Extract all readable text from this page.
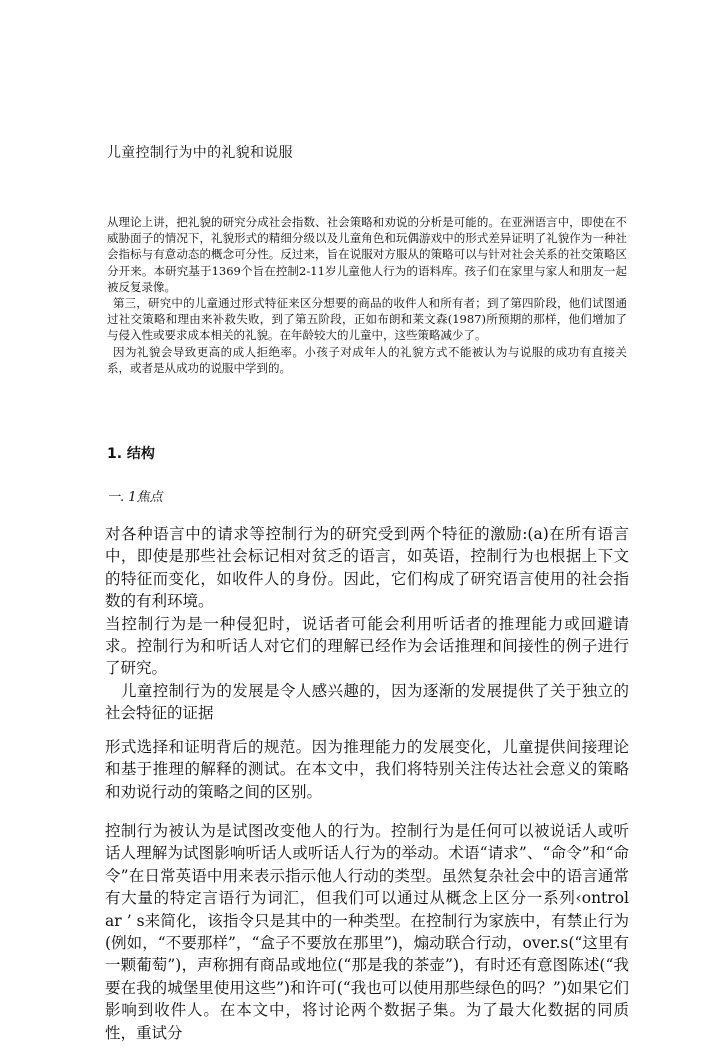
儿童控制行为中的礼貌和说服

从理论上讲，把礼貌的研究分成社会指数、社会策略和劝说的分析是可能的。在亚洲语言中，即使在不威胁面子的情况下，礼貌形式的精细分级以及儿童角色和玩偶游戏中的形式差异证明了礼貌作为一种社会指标与有意动态的概念可分性。反过来，旨在说服对方服从的策略可以与针对社会关系的社交策略区分开来。本研究基于1369个旨在控制2-11岁儿童他人行为的语料库。孩子们在家里与家人和朋友一起被反复录像。

第三，研究中的儿童通过形式特征来区分想要的商品的收件人和所有者；到了第四阶段，他们试图通过社交策略和理由来补救失败，到了第五阶段，正如布朗和莱文森(1987)所预期的那样，他们增加了与侵入性或要求成本相关的礼貌。在年龄较大的儿童中，这些策略减少了。

因为礼貌会导致更高的成人拒绝率。小孩子对成年人的礼貌方式不能被认为与说服的成功有直接关系，或者是从成功的说服中学到的。

1. 结构
一. 1焦点

对各种语言中的请求等控制行为的研究受到两个特征的激励:(a)在所有语言中，即使是那些社会标记相对贫乏的语言，如英语，控制行为也根据上下文的特征而变化，如收件人的身份。因此，它们构成了研究语言使用的社会指数的有利环境。

当控制行为是一种侵犯时，说话者可能会利用听话者的推理能力或回避请求。控制行为和听话人对它们的理解已经作为会话推理和间接性的例子进行了研究。

儿童控制行为的发展是令人感兴趣的，因为逐渐的发展提供了关于独立的社会特征的证据

形式选择和证明背后的规范。因为推理能力的发展变化，儿童提供间接理论和基于推理的解释的测试。在本文中，我们将特别关注传达社会意义的策略和劝说行动的策略之间的区别。

控制行为被认为是试图改变他人的行为。控制行为是任何可以被说话人或听话人理解为试图影响听话人或听话人行为的举动。术语“请求”、“命令”和“命令”在日常英语中用来表示指示他人行动的类型。虽然复杂社会中的语言通常有大量的特定言语行为词汇，但我们可以通过从概念上区分一系列‹ontrol ar ’ s来简化，该指令只是其中的一种类型。在控制行为家族中，有禁止行为(例如，“不要那样”，“盒子不要放在那里”)，煽动联合行动，over.s(“这里有一颗葡萄”)，声称拥有商品或地位(“那是我的茶壶”)，有时还有意图陈述(“我要在我的城堡里使用这些”)和许可(“我也可以使用那些绿色的吗？”)如果它们影响到收件人。在本文中，将讨论两个数据子集。为了最大化数据的同质性，重试分
